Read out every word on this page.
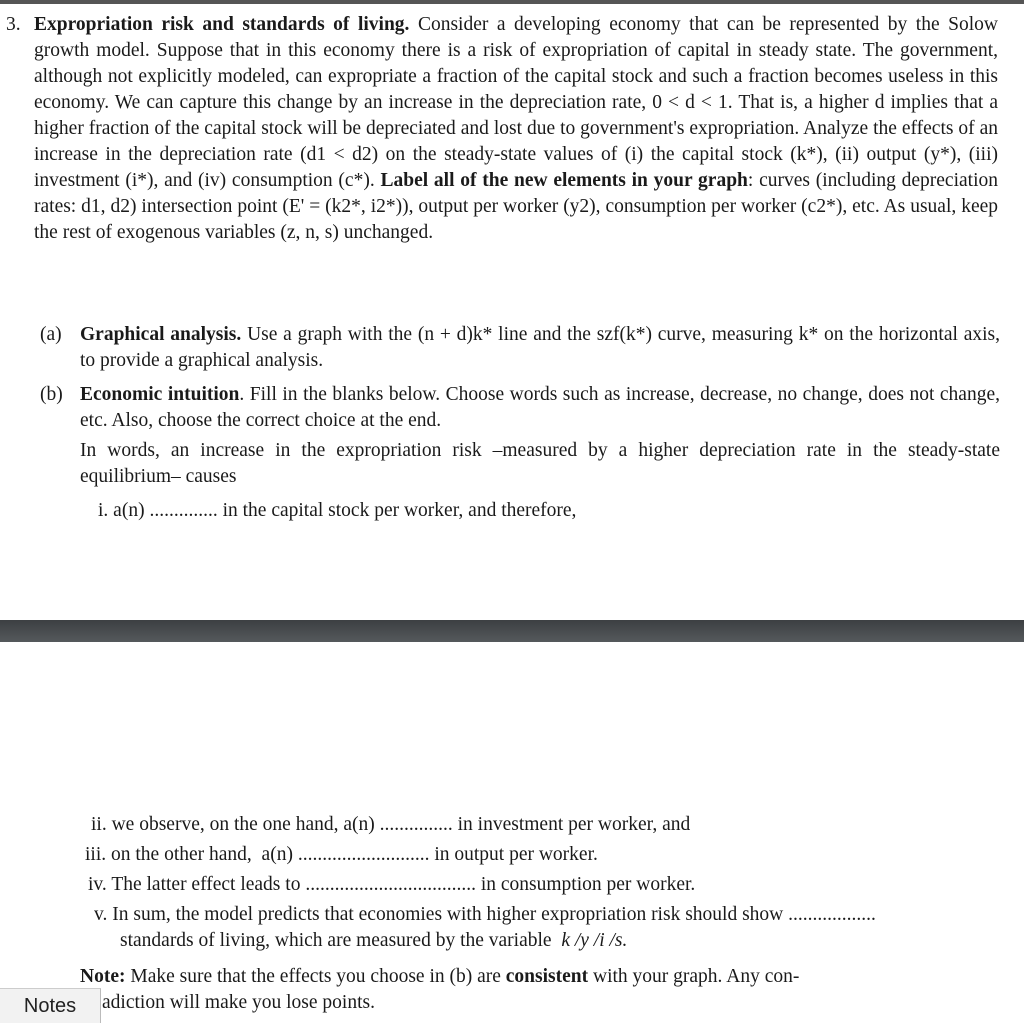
3. Expropriation risk and standards of living. Consider a developing economy that can be represented by the Solow growth model. Suppose that in this economy there is a risk of expropriation of capital in steady state. The government, although not explicitly modeled, can expropriate a fraction of the capital stock and such a fraction becomes useless in this economy. We can capture this change by an increase in the depreciation rate, 0 < d < 1. That is, a higher d implies that a higher fraction of the capital stock will be depreciated and lost due to government's expropriation. Analyze the effects of an increase in the depreciation rate (d1 < d2) on the steady-state values of (i) the capital stock (k*), (ii) output (y*), (iii) investment (i*), and (iv) consumption (c*). Label all of the new elements in your graph: curves (including depreciation rates: d1, d2) intersection point (E' = (k2*, i2*)), output per worker (y2), consumption per worker (c2*), etc. As usual, keep the rest of exogenous variables (z, n, s) unchanged.
(a) Graphical analysis. Use a graph with the (n + d)k* line and the szf(k*) curve, measuring k* on the horizontal axis, to provide a graphical analysis.
(b) Economic intuition. Fill in the blanks below. Choose words such as increase, decrease, no change, does not change, etc. Also, choose the correct choice at the end.
In words, an increase in the expropriation risk –measured by a higher depreciation rate in the steady-state equilibrium– causes
i. a(n) .............. in the capital stock per worker, and therefore,
ii. we observe, on the one hand, a(n) ............... in investment per worker, and
iii. on the other hand,  a(n) ........................... in output per worker.
iv. The latter effect leads to ................................... in consumption per worker.
v. In sum, the model predicts that economies with higher expropriation risk should show ..................
standards of living, which are measured by the variable k /y /i /s.
Note: Make sure that the effects you choose in (b) are consistent with your graph. Any con-
adiction will make you lose points.
Notes
